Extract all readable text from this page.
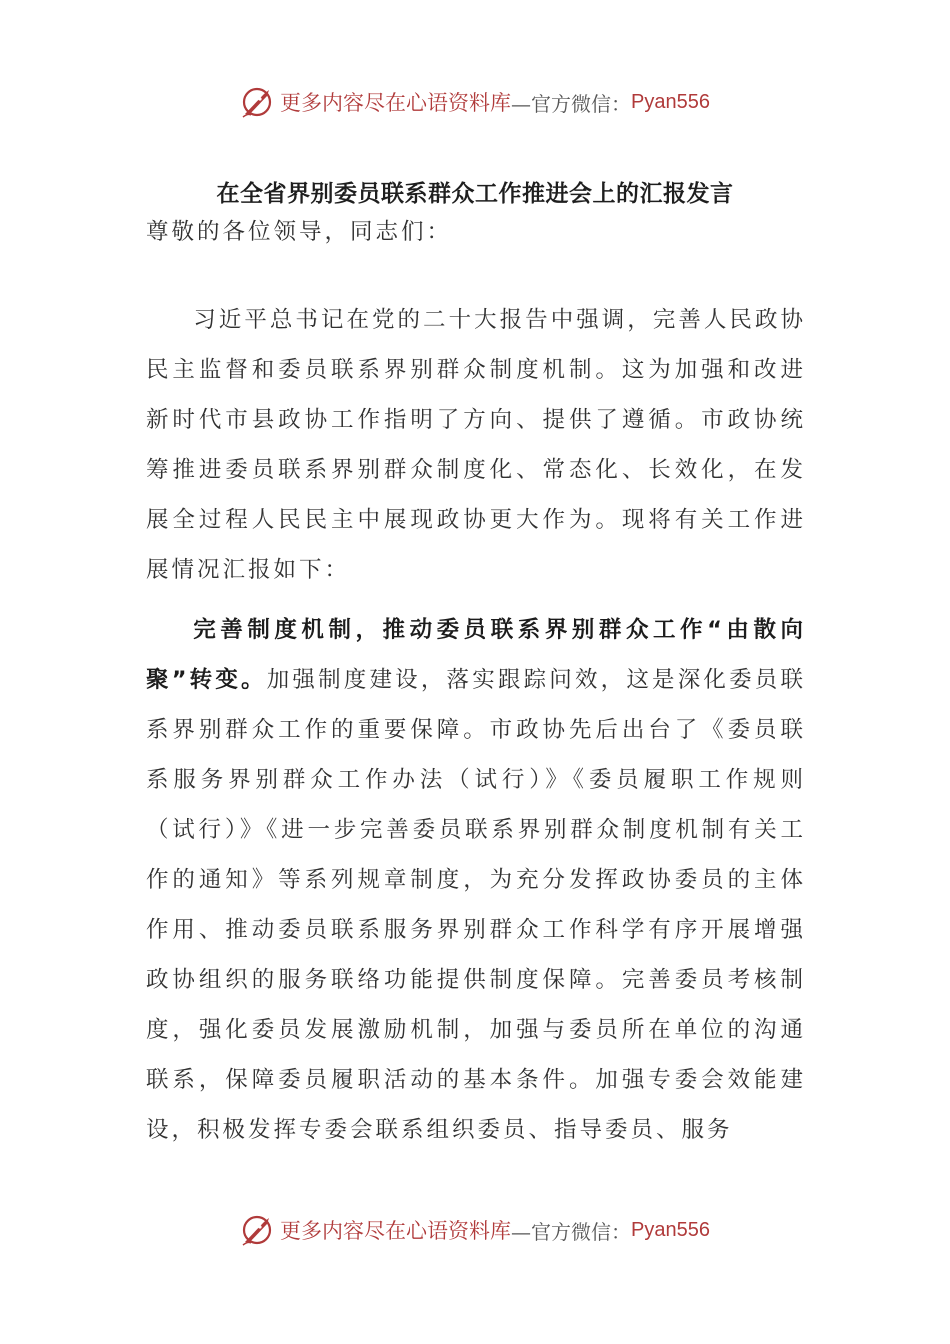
更多内容尽在心语资料库 —官方微信： Pyan556
在全省界别委员联系群众工作推进会上的汇报发言
尊敬的各位领导，同志们：
习近平总书记在党的二十大报告中强调，完善人民政协民主监督和委员联系界别群众制度机制。这为加强和改进新时代市县政协工作指明了方向、提供了遵循。市政协统筹推进委员联系界别群众制度化、常态化、长效化，在发展全过程人民民主中展现政协更大作为。现将有关工作进展情况汇报如下：
完善制度机制，推动委员联系界别群众工作“由散向聚”转变。加强制度建设，落实跟踪问效，这是深化委员联系界别群众工作的重要保障。市政协先后出台了《委员联系服务界别群众工作办法（试行）》《委员履职工作规则（试行）》《进一步完善委员联系界别群众制度机制有关工作的通知》等系列规章制度，为充分发挥政协委员的主体作用、推动委员联系服务界别群众工作科学有序开展增强政协组织的服务联络功能提供制度保障。完善委员考核制度，强化委员发展激励机制，加强与委员所在单位的沟通联系，保障委员履职活动的基本条件。加强专委会效能建设，积极发挥专委会联系组织委员、指导委员、服务
更多内容尽在心语资料库 —官方微信： Pyan556
